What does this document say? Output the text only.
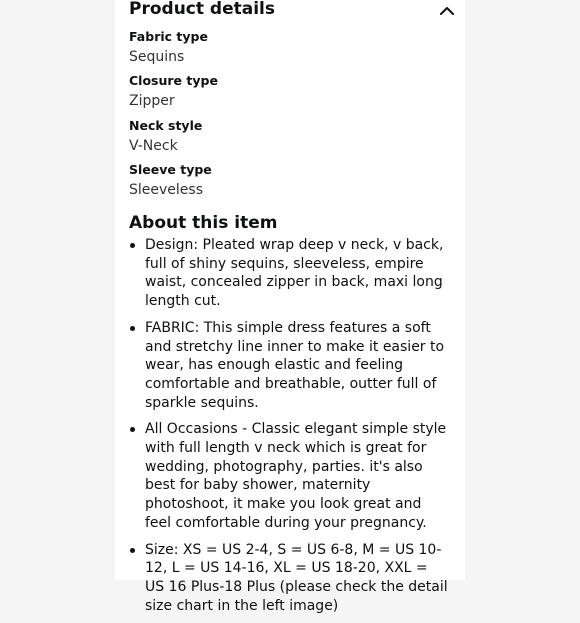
Product details
Fabric type
Sequins
Closure type
Zipper
Neck style
V-Neck
Sleeve type
Sleeveless
About this item
Design: Pleated wrap deep v neck, v back, full of shiny sequins, sleeveless, empire waist, concealed zipper in back, maxi long length cut.
FABRIC: This simple dress features a soft and stretchy line inner to make it easier to wear, has enough elastic and feeling comfortable and breathable, outter full of sparkle sequins.
All Occasions - Classic elegant simple style with full length v neck which is great for wedding, photography, parties. it's also best for baby shower, maternity photoshoot, it make you look great and feel comfortable during your pregnancy.
Size: XS = US 2-4, S = US 6-8, M = US 10-12, L = US 14-16, XL = US 18-20, XXL = US 16 Plus-18 Plus (please check the detail size chart in the left image)
